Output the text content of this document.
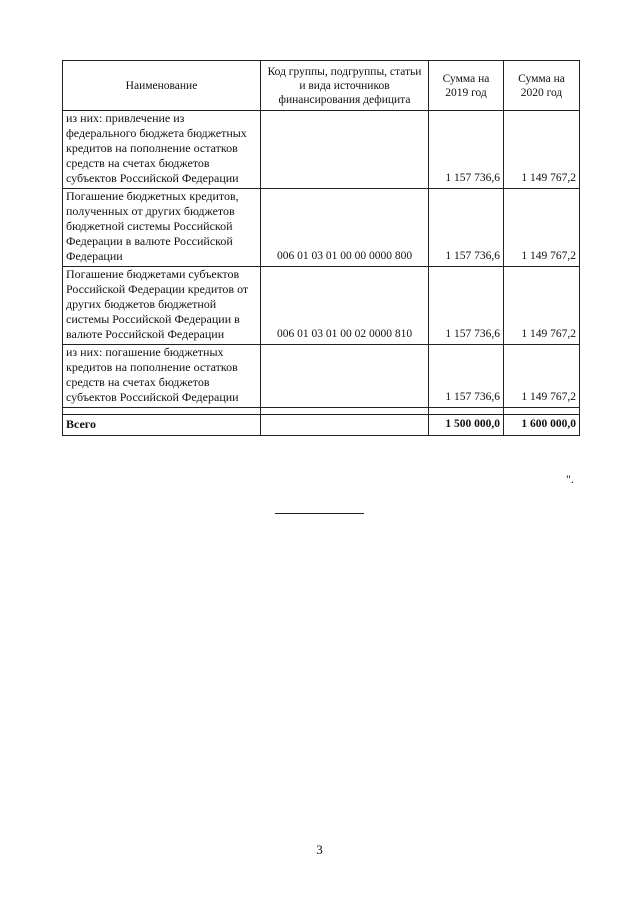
Наименование	Код группы, подгруппы, статьи и вида источников финансирования дефицита	Сумма на 2019 год	Сумма на 2020 год
из них: привлечение из федерального бюджета бюджетных кредитов на пополнение остатков средств на счетах бюджетов субъектов Российской Федерации		1 157 736,6	1 149 767,2
Погашение бюджетных кредитов, полученных от других бюджетов бюджетной системы Российской Федерации в валюте Российской Федерации	006 01 03 01 00 00 0000 800	1 157 736,6	1 149 767,2
Погашение бюджетами субъектов Российской Федерации кредитов от других бюджетов бюджетной системы Российской Федерации в валюте Российской Федерации	006 01 03 01 00 02 0000 810	1 157 736,6	1 149 767,2
из них: погашение бюджетных кредитов на пополнение остатков средств на счетах бюджетов субъектов Российской Федерации		1 157 736,6	1 149 767,2

Всего		1 500 000,0	1 600 000,0
".
3
